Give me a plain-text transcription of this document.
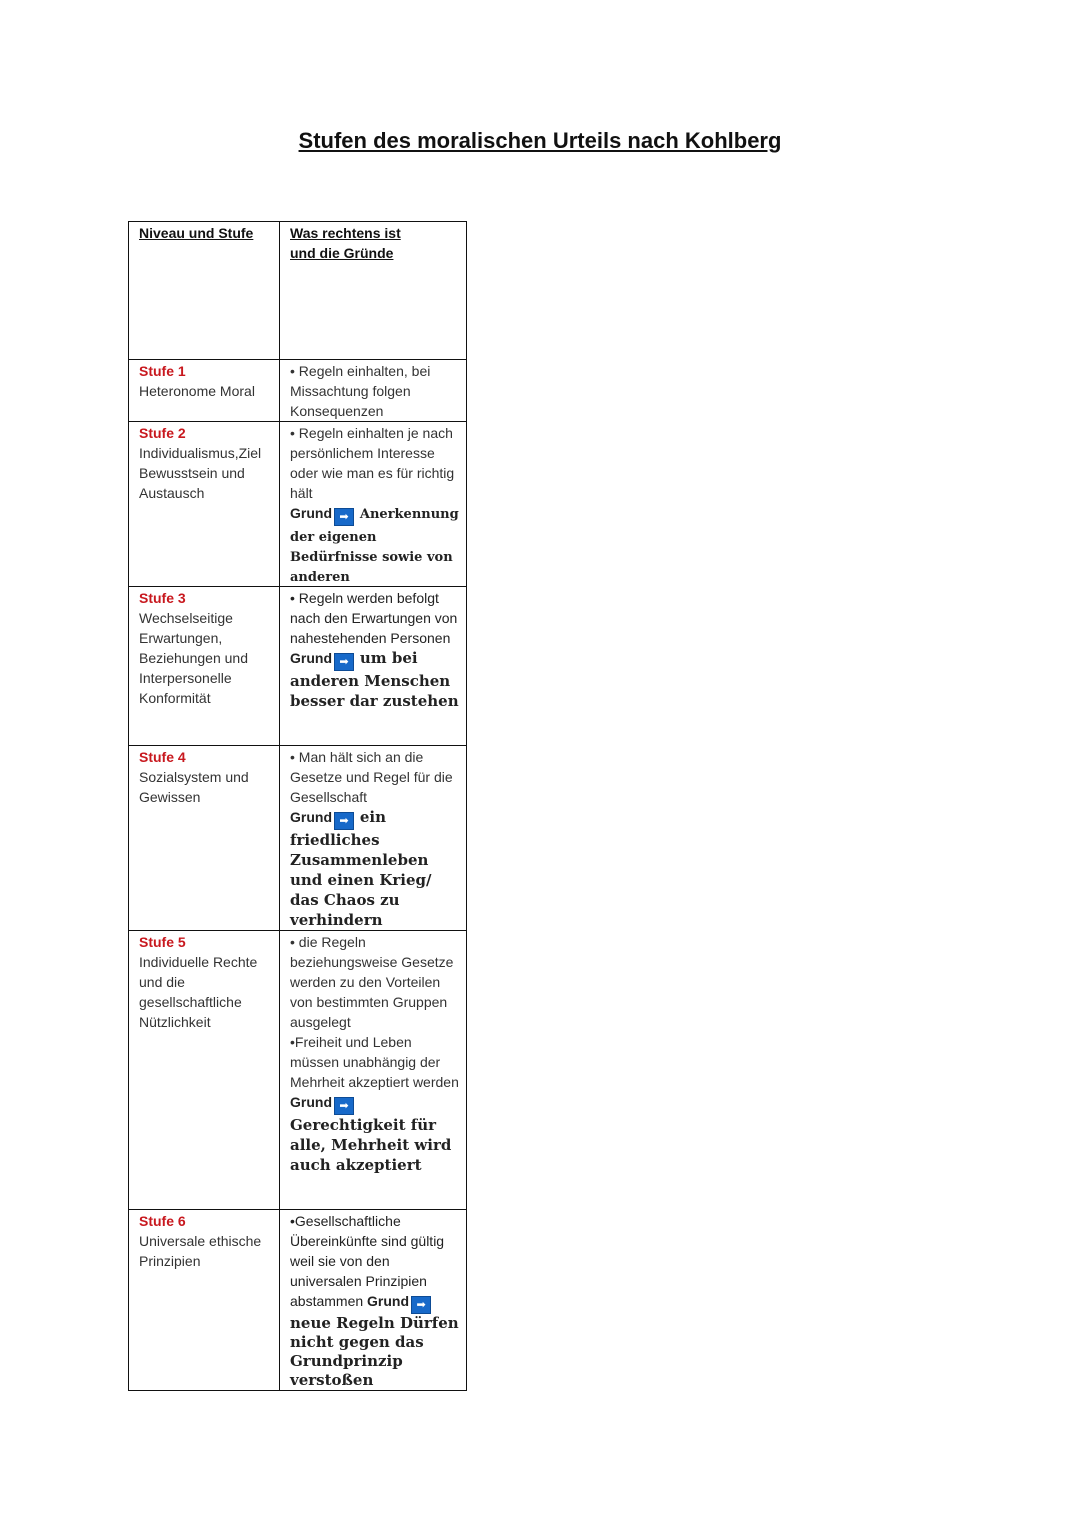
Stufen des moralischen Urteils nach Kohlberg
Niveau und Stufe	Was rechtens ist
und die Gründe

Stufe 1
Heteronome Moral	• Regeln einhalten, bei Missachtung folgen Konsequenzen

Stufe 2
Individualismus,Ziel Bewusstsein und Austausch	• Regeln einhalten je nach persönlichem Interesse oder wie man es für richtig hält
Grund ➡ Anerkennung der eigenen Bedürfnisse sowie von anderen

Stufe 3
Wechselseitige Erwartungen, Beziehungen und Interpersonelle Konformität	• Regeln werden befolgt nach den Erwartungen von nahestehenden Personen Grund ➡ um bei anderen Menschen besser dar zustehen

Stufe 4
Sozialsystem und Gewissen	• Man hält sich an die Gesetze und Regel für die Gesellschaft
Grund ➡ ein friedliches Zusammenleben und einen Krieg/ das Chaos zu verhindern

Stufe 5
Individuelle Rechte und die gesellschaftliche Nützlichkeit	• die Regeln beziehungsweise Gesetze werden zu den Vorteilen von bestimmten Gruppen ausgelegt
•Freiheit und Leben müssen unabhängig der Mehrheit akzeptiert werden
Grund ➡Gerechtigkeit für alle, Mehrheit wird auch akzeptiert

Stufe 6
Universale ethische Prinzipien	•Gesellschaftliche Übereinkünfte sind gültig weil sie von den universalen Prinzipien abstammen Grund ➡
neue Regeln Dürfen nicht gegen das Grundprinzip verstoßen
